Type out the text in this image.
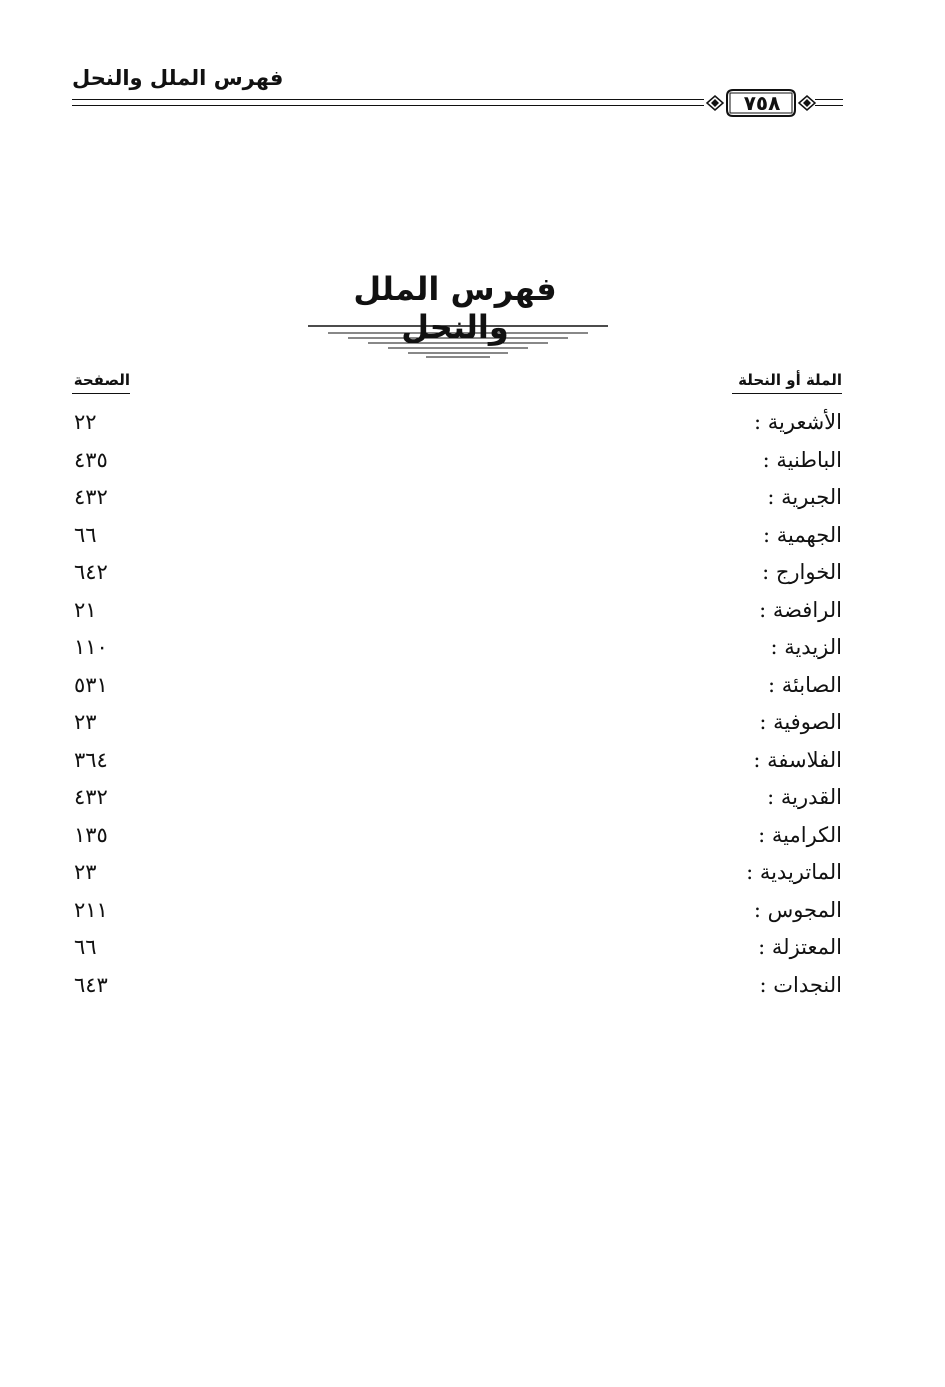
فهرس الملل والنحل
٧٥٨
فهرس الملل والنحل
الملة أو النحلة
الصفحة
الأشعرية :
٢٢
الباطنية :
٤٣٥
الجبرية :
٤٣٢
الجهمية :
٦٦
الخوارج :
٦٤٢
الرافضة :
٢١
الزيدية :
١١٠
الصابئة :
٥٣١
الصوفية :
٢٣
الفلاسفة :
٣٦٤
القدرية :
٤٣٢
الكرامية :
١٣٥
الماتريدية :
٢٣
المجوس :
٢١١
المعتزلة :
٦٦
النجدات :
٦٤٣
